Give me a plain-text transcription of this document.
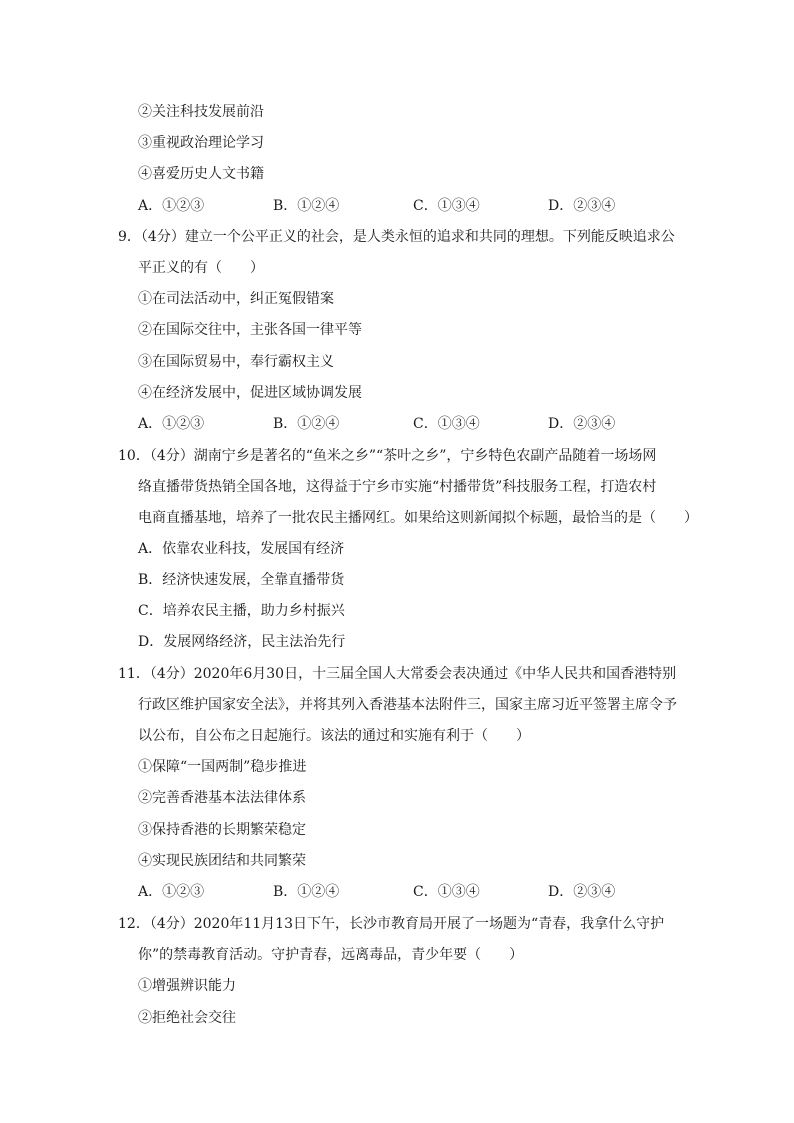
②关注科技发展前沿
③重视政治理论学习
④喜爱历史人文书籍
A．①②③	B．①②④	C．①③④	D．②③④
9．（4分）建立一个公平正义的社会，是人类永恒的追求和共同的理想。下列能反映追求公
平正义的有（　　）
①在司法活动中，纠正冤假错案
②在国际交往中，主张各国一律平等
③在国际贸易中，奉行霸权主义
④在经济发展中，促进区域协调发展
A．①②③	B．①②④	C．①③④	D．②③④
10．（4分）湖南宁乡是著名的“鱼米之乡”“茶叶之乡”，宁乡特色农副产品随着一场场网
络直播带货热销全国各地，这得益于宁乡市实施“村播带货”科技服务工程，打造农村
电商直播基地，培养了一批农民主播网红。如果给这则新闻拟个标题，最恰当的是（　　）
A．依靠农业科技，发展国有经济
B．经济快速发展，全靠直播带货
C．培养农民主播，助力乡村振兴
D．发展网络经济，民主法治先行
11．（4分）2020年6月30日，十三届全国人大常委会表决通过《中华人民共和国香港特别
行政区维护国家安全法》，并将其列入香港基本法附件三，国家主席习近平签署主席令予
以公布，自公布之日起施行。该法的通过和实施有利于（　　）
①保障“一国两制”稳步推进
②完善香港基本法法律体系
③保持香港的长期繁荣稳定
④实现民族团结和共同繁荣
A．①②③	B．①②④	C．①③④	D．②③④
12．（4分）2020年11月13日下午，长沙市教育局开展了一场题为“青春，我拿什么守护
你”的禁毒教育活动。守护青春，远离毒品，青少年要（　　）
①增强辨识能力
②拒绝社会交往
